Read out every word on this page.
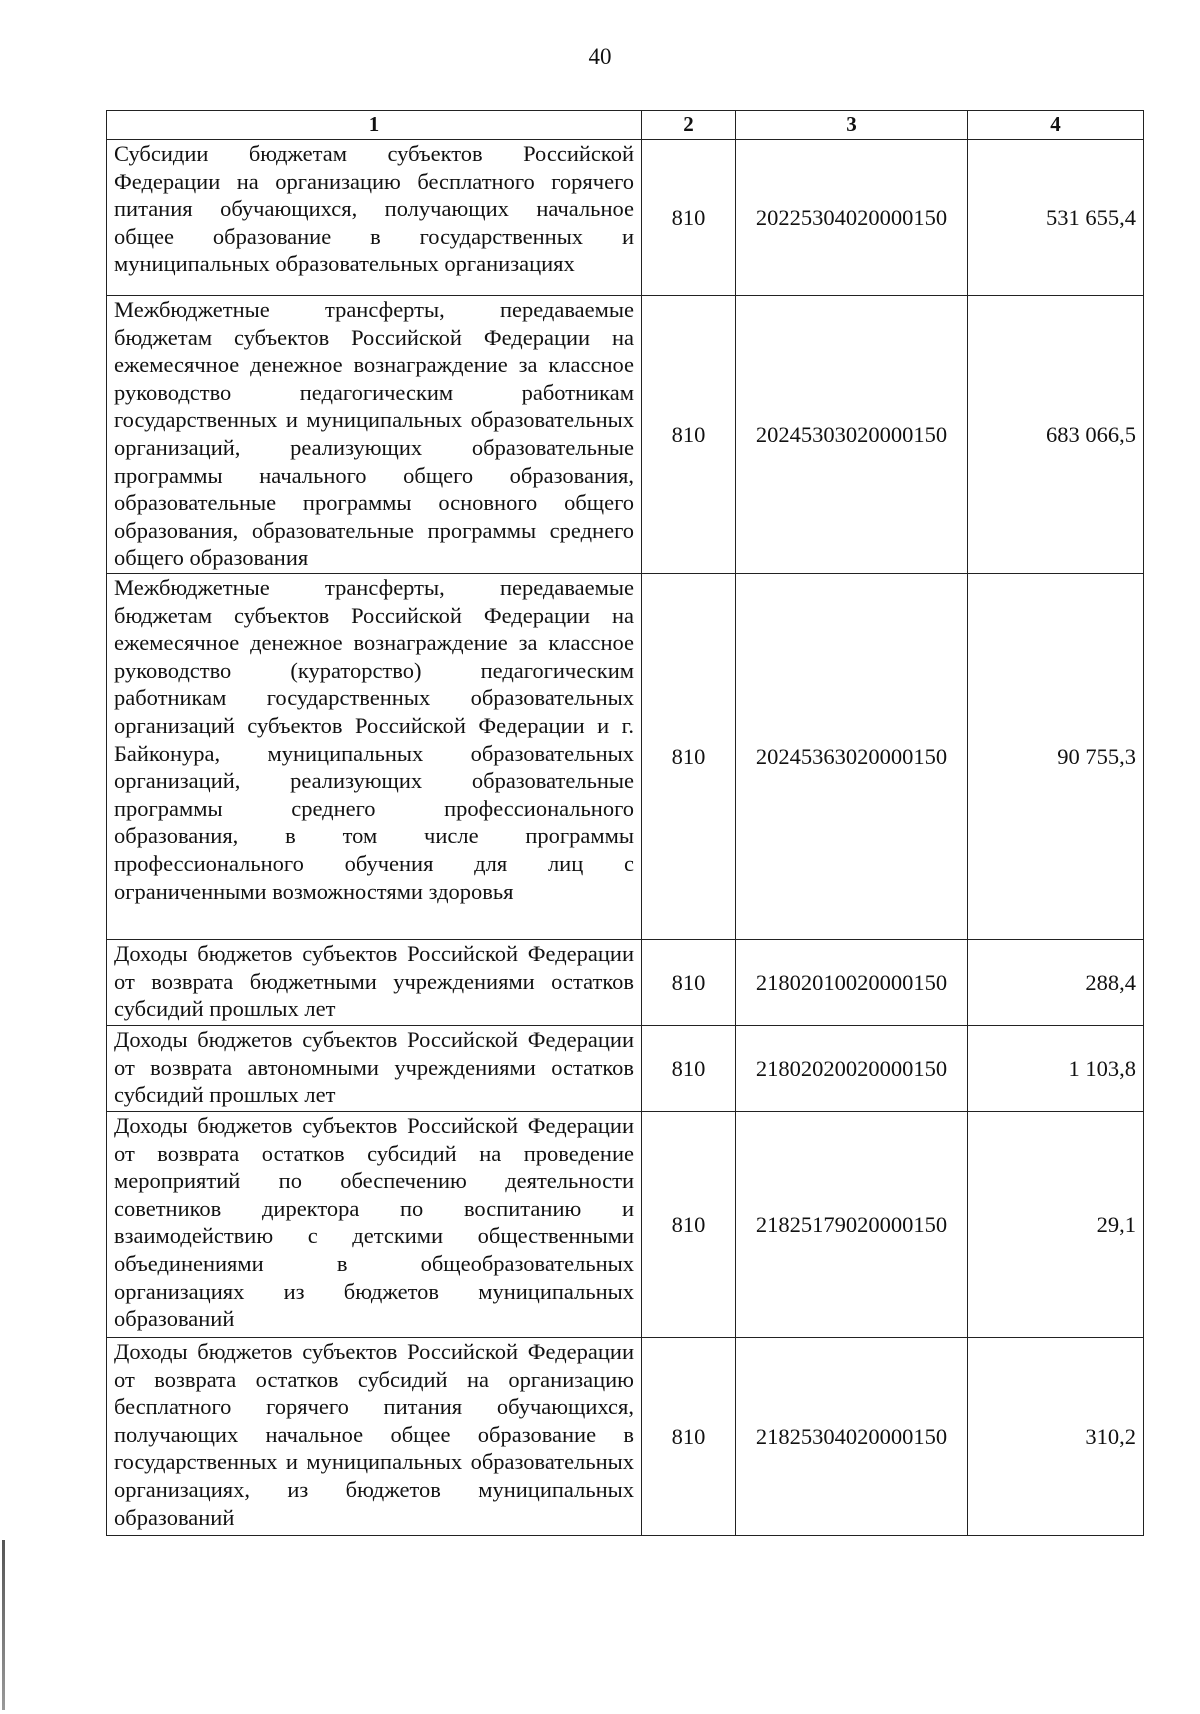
40
1	2	3	4
Субсидии бюджетам субъектов Российской Федерации на организацию бесплатного горячего питания обучающихся, получающих начальное общее образование в государственных и муниципальных образовательных организациях	810	20225304020000150	531 655,4
Межбюджетные трансферты, передаваемые бюджетам субъектов Российской Федерации на ежемесячное денежное вознаграждение за классное руководство педагогическим работникам государственных и муниципальных образовательных организаций, реализующих образовательные программы начального общего образования, образовательные программы основного общего образования, образовательные программы среднего общего образования	810	20245303020000150	683 066,5
Межбюджетные трансферты, передаваемые бюджетам субъектов Российской Федерации на ежемесячное денежное вознаграждение за классное руководство (кураторство) педагогическим работникам государственных образовательных организаций субъектов Российской Федерации и г. Байконура, муниципальных образовательных организаций, реализующих образовательные программы среднего профессионального образования, в том числе программы профессионального обучения для лиц с ограниченными возможностями здоровья	810	20245363020000150	90 755,3
Доходы бюджетов субъектов Российской Федерации от возврата бюджетными учреждениями остатков субсидий прошлых лет	810	21802010020000150	288,4
Доходы бюджетов субъектов Российской Федерации от возврата автономными учреждениями остатков субсидий прошлых лет	810	21802020020000150	1 103,8
Доходы бюджетов субъектов Российской Федерации от возврата остатков субсидий на проведение мероприятий по обеспечению деятельности советников директора по воспитанию и взаимодействию с детскими общественными объединениями в общеобразовательных организациях из бюджетов муниципальных образований	810	21825179020000150	29,1
Доходы бюджетов субъектов Российской Федерации от возврата остатков субсидий на организацию бесплатного горячего питания обучающихся, получающих начальное общее образование в государственных и муниципальных образовательных организациях, из бюджетов муниципальных образований	810	21825304020000150	310,2
